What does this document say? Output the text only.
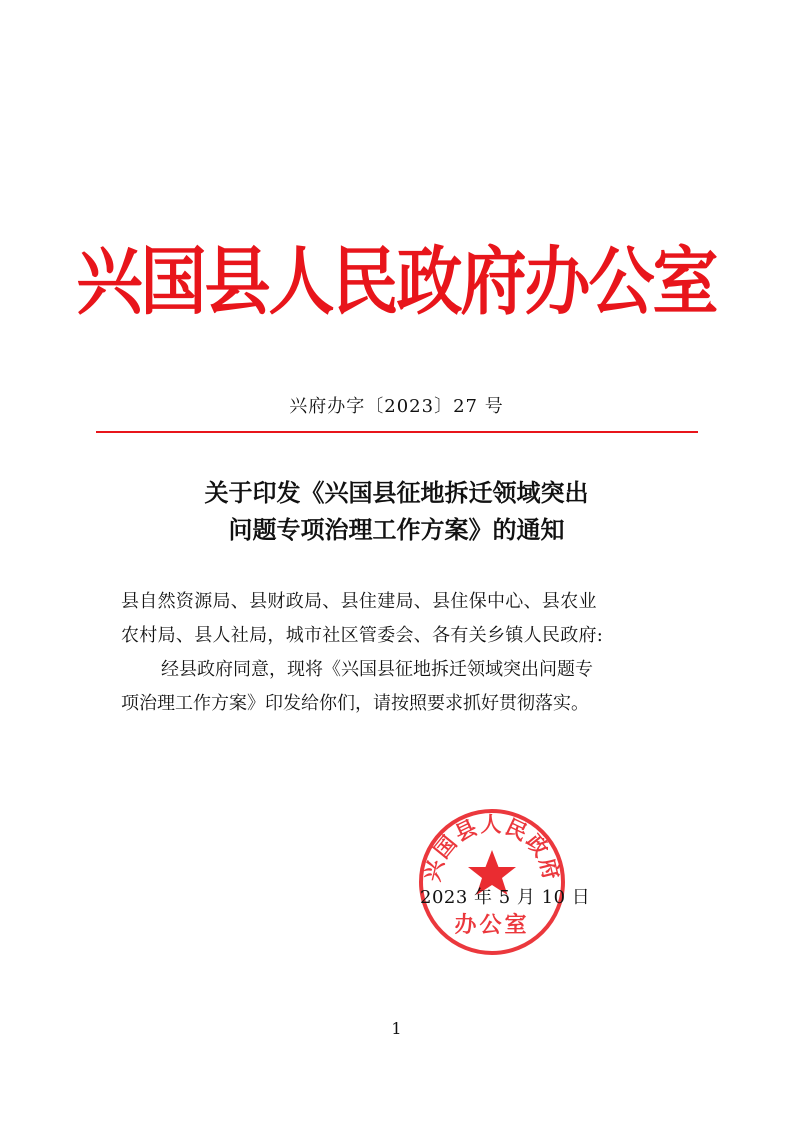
兴国县人民政府办公室
兴府办字〔2023〕27 号
关于印发《兴国县征地拆迁领域突出
问题专项治理工作方案》的通知
县自然资源局、县财政局、县住建局、县住保中心、县农业
农村局、县人社局，城市社区管委会、各有关乡镇人民政府:
经县政府同意，现将《兴国县征地拆迁领域突出问题专
项治理工作方案》印发给你们，请按照要求抓好贯彻落实。
兴国县人民政府
办公室
2023 年 5 月 10 日
1
